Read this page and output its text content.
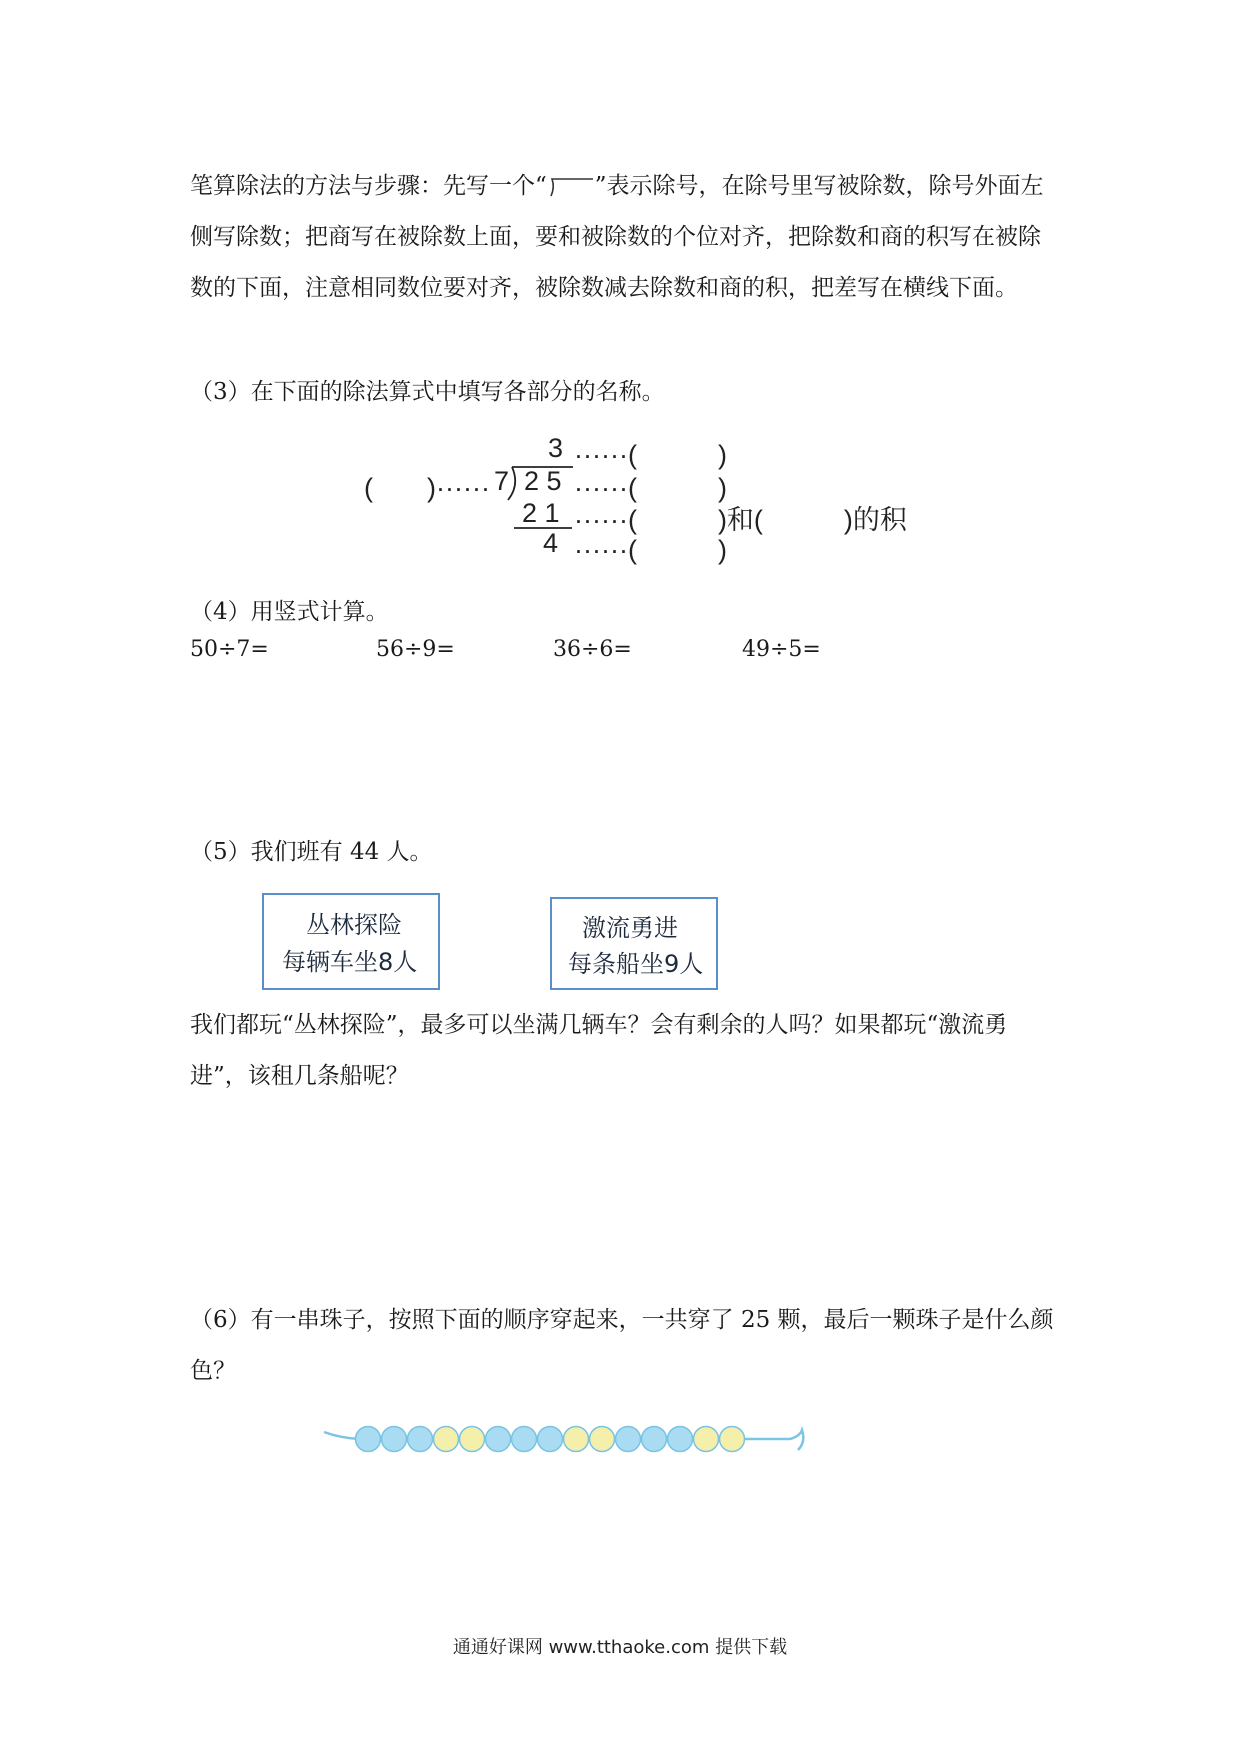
笔算除法的方法与步骤：先写一个“ ”表示除号，在除号里写被除数，除号外面左侧写除数；把商写在被除数上面，要和被除数的个位对齐，把除数和商的积写在被除数的下面，注意相同数位要对齐，被除数减去除数和商的积，把差写在横线下面。

（3）在下面的除法算式中填写各部分的名称。
3
(　　)······ 7 2 5
2 1
4
······(　　　)
······(　　　)
······(　　　)和(　　　)的积
······(　　　)
（4）用竖式计算。
50÷7=	56÷9=	36÷6=	49÷5=
（5）我们班有 44 人。
丛林探险
每辆车坐8人
激流勇进
每条船坐9人

我们都玩“丛林探险”，最多可以坐满几辆车？会有剩余的人吗？如果都玩“激流勇进”，该租几条船呢？

（6）有一串珠子，按照下面的顺序穿起来，一共穿了 25 颗，最后一颗珠子是什么颜色？

通通好课网 www.tthaoke.com 提供下载
